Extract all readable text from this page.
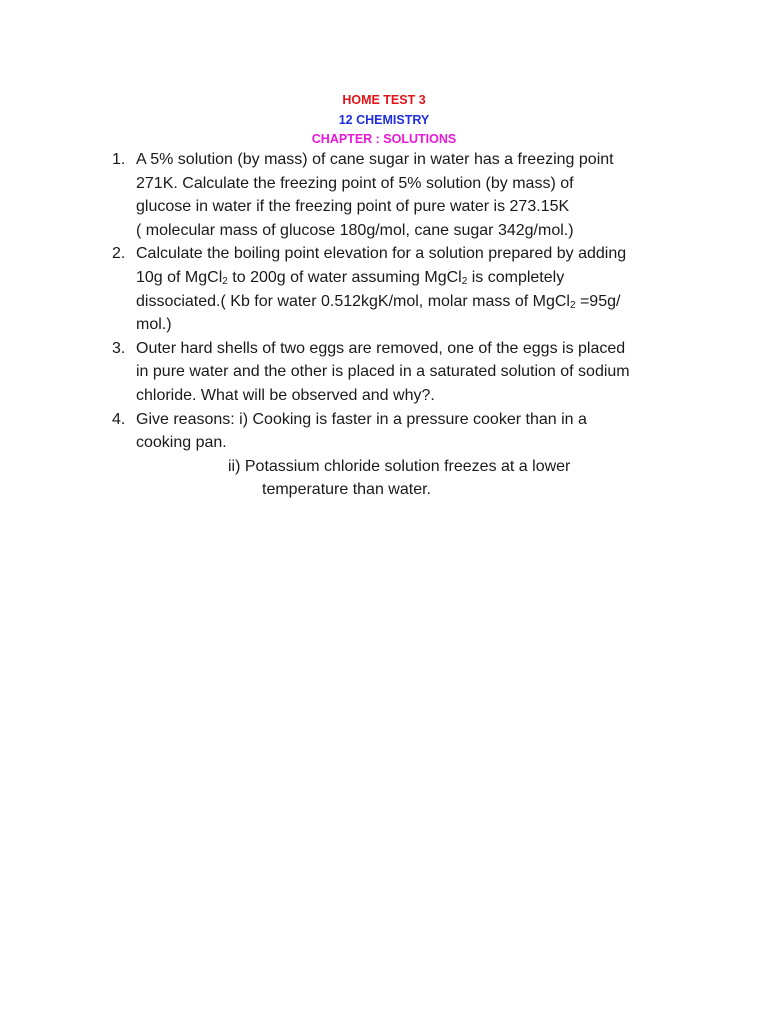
HOME TEST 3
12 CHEMISTRY
CHAPTER : SOLUTIONS
1. A 5% solution (by mass) of cane sugar in water has a freezing point
271K. Calculate the freezing point of 5% solution (by mass) of
glucose in water if the freezing point of pure water is 273.15K
( molecular mass of glucose 180g/mol, cane sugar 342g/mol.)
2. Calculate the boiling point elevation for a solution prepared by adding
10g of MgCl$_2$ to 200g of water assuming MgCl$_2$ is completely
dissociated.( Kb for water 0.512kgK/mol, molar mass of MgCl$_2$ =95g/
mol.)
3. Outer hard shells of two eggs are removed, one of the eggs is placed
in pure water and the other is placed in a saturated solution of sodium
chloride. What will be observed and why?.
4. Give reasons: i) Cooking is faster in a pressure cooker than in a
cooking pan.
ii) Potassium chloride solution freezes at a lower
temperature than water.
